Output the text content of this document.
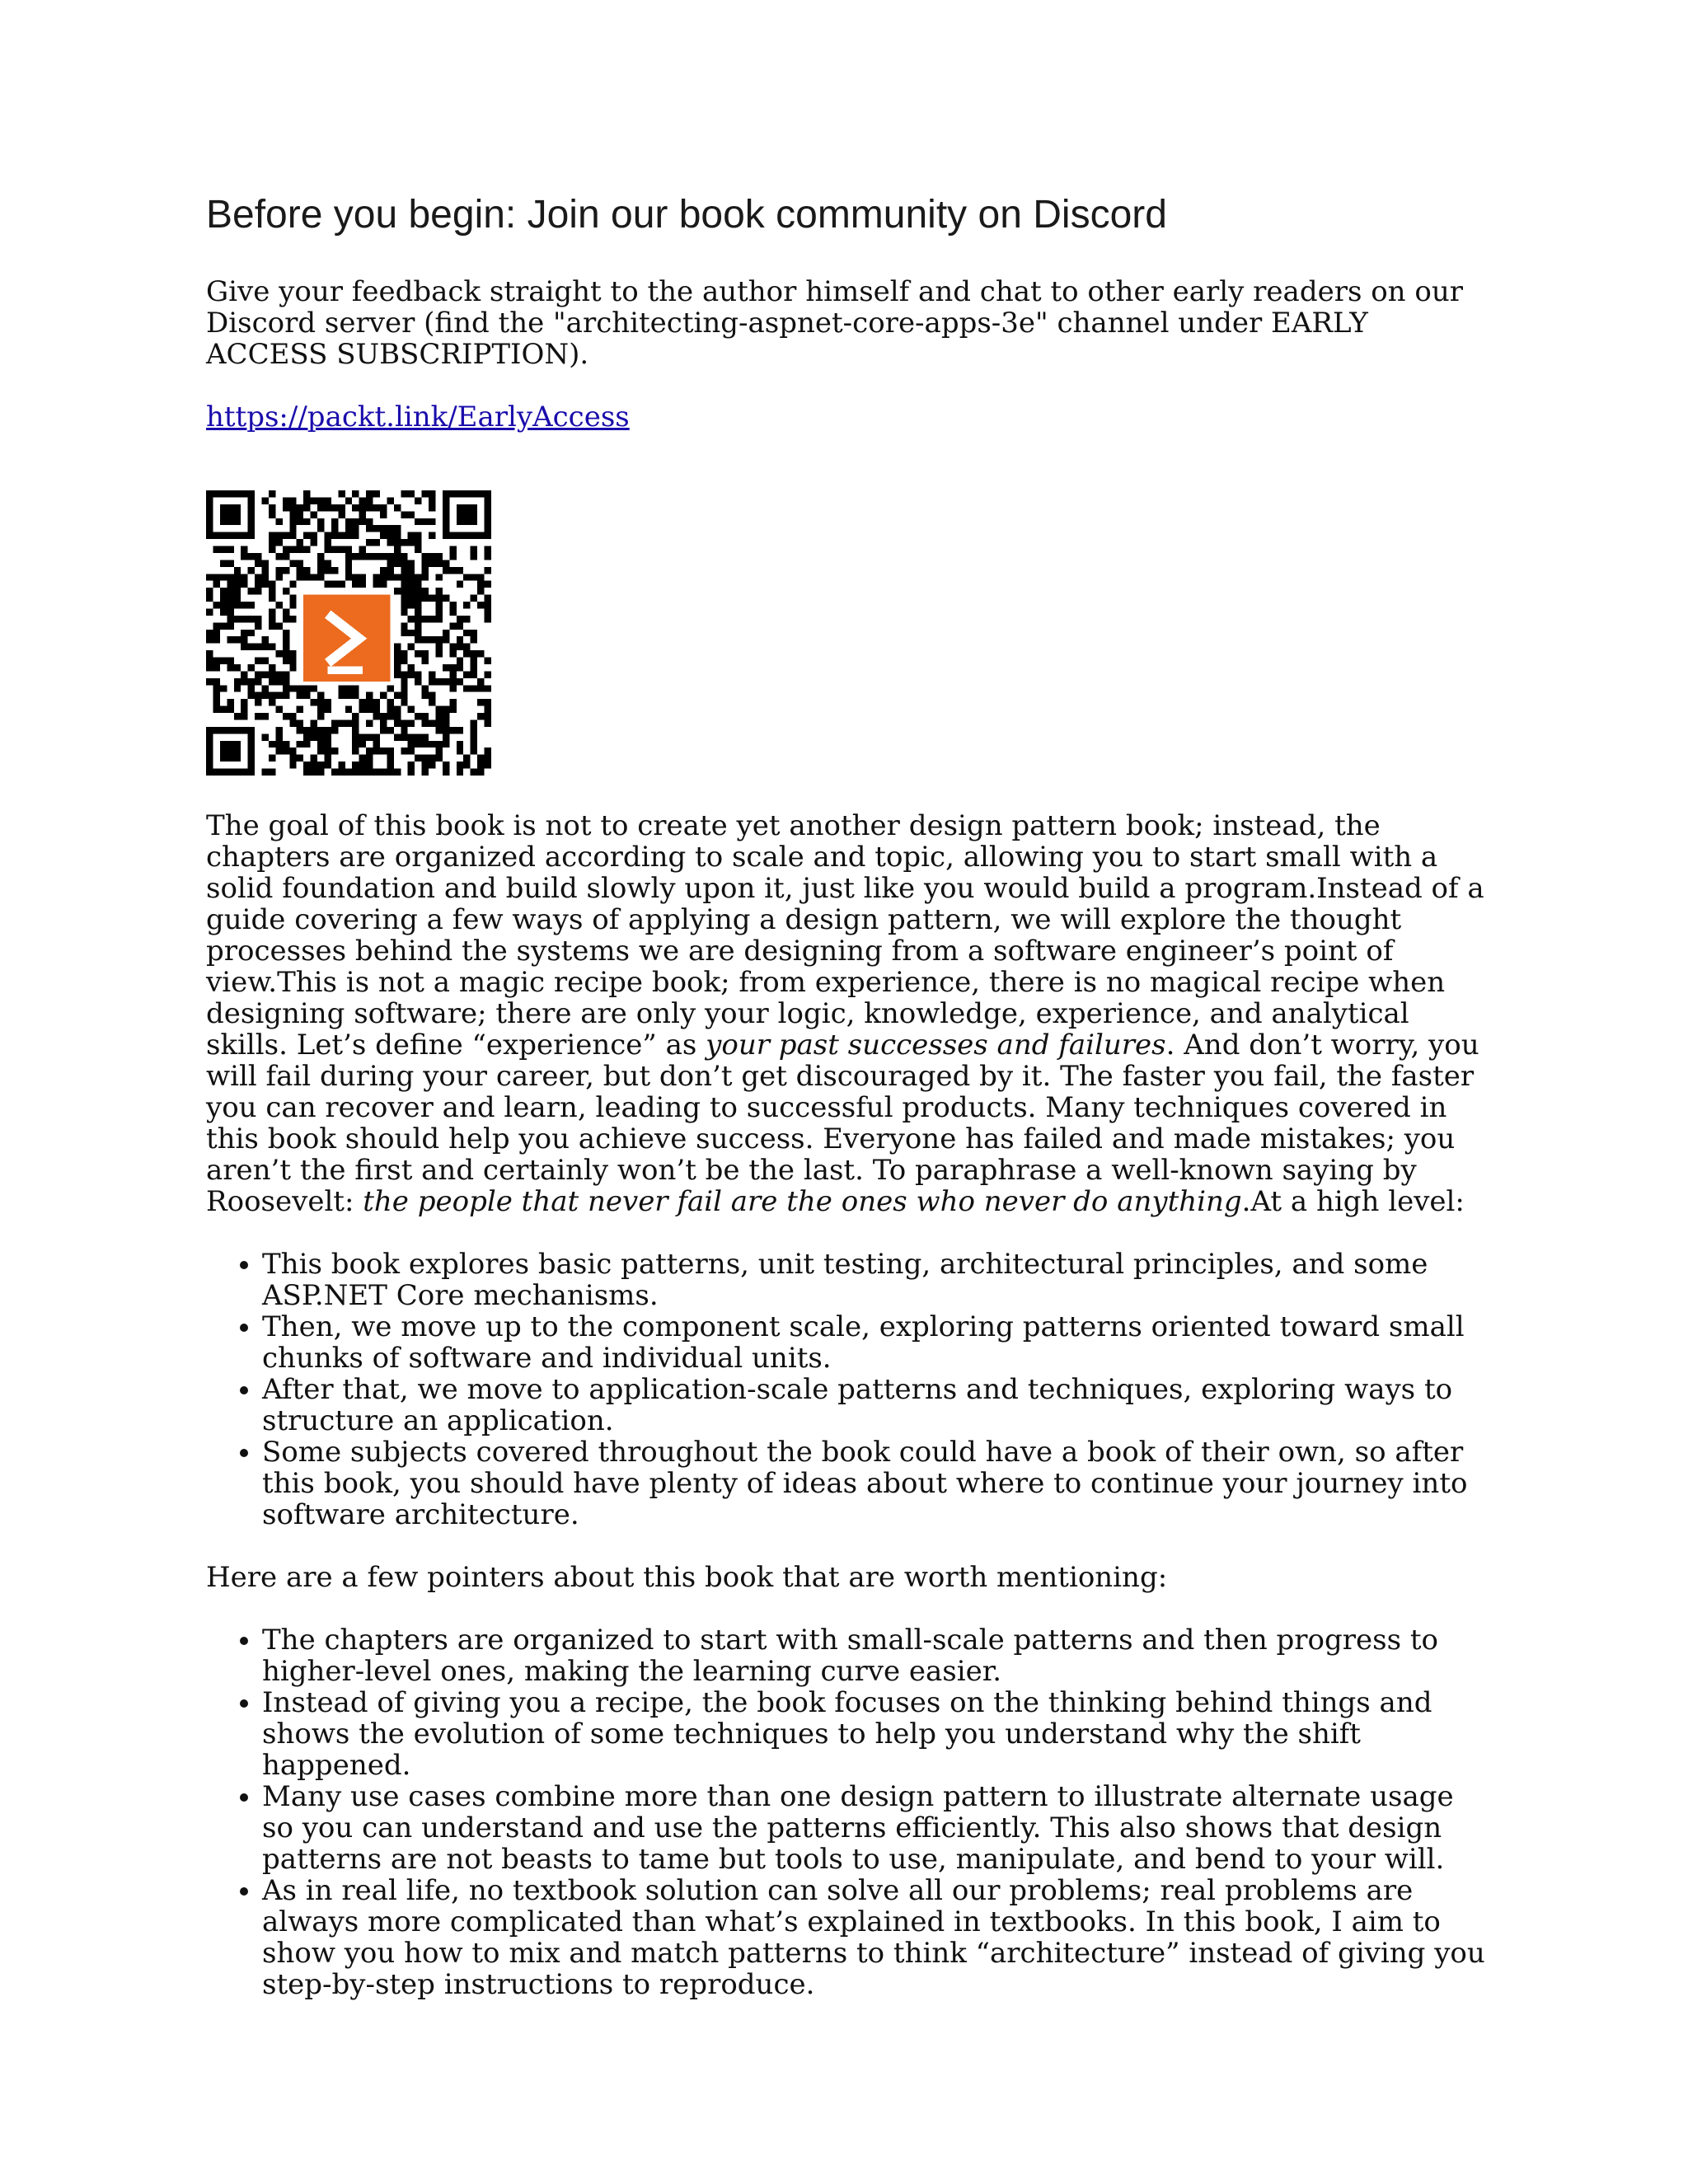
Before you begin: Join our book community on Discord

Give your feedback straight to the author himself and chat to other early readers on our Discord server (find the "architecting-aspnet-core-apps-3e" channel under EARLY ACCESS SUBSCRIPTION).

https://packt.link/EarlyAccess

The goal of this book is not to create yet another design pattern book; instead, the chapters are organized according to scale and topic, allowing you to start small with a solid foundation and build slowly upon it, just like you would build a program.Instead of a guide covering a few ways of applying a design pattern, we will explore the thought processes behind the systems we are designing from a software engineer’s point of view.This is not a magic recipe book; from experience, there is no magical recipe when designing software; there are only your logic, knowledge, experience, and analytical skills. Let’s define “experience” as your past successes and failures. And don’t worry, you will fail during your career, but don’t get discouraged by it. The faster you fail, the faster you can recover and learn, leading to successful products. Many techniques covered in this book should help you achieve success. Everyone has failed and made mistakes; you aren’t the first and certainly won’t be the last. To paraphrase a well-known saying by Roosevelt: the people that never fail are the ones who never do anything.At a high level:

• This book explores basic patterns, unit testing, architectural principles, and some ASP.NET Core mechanisms.
• Then, we move up to the component scale, exploring patterns oriented toward small chunks of software and individual units.
• After that, we move to application-scale patterns and techniques, exploring ways to structure an application.
• Some subjects covered throughout the book could have a book of their own, so after this book, you should have plenty of ideas about where to continue your journey into software architecture.

Here are a few pointers about this book that are worth mentioning:

• The chapters are organized to start with small-scale patterns and then progress to higher-level ones, making the learning curve easier.
• Instead of giving you a recipe, the book focuses on the thinking behind things and shows the evolution of some techniques to help you understand why the shift happened.
• Many use cases combine more than one design pattern to illustrate alternate usage so you can understand and use the patterns efficiently. This also shows that design patterns are not beasts to tame but tools to use, manipulate, and bend to your will.
• As in real life, no textbook solution can solve all our problems; real problems are always more complicated than what’s explained in textbooks. In this book, I aim to show you how to mix and match patterns to think “architecture” instead of giving you step-by-step instructions to reproduce.
